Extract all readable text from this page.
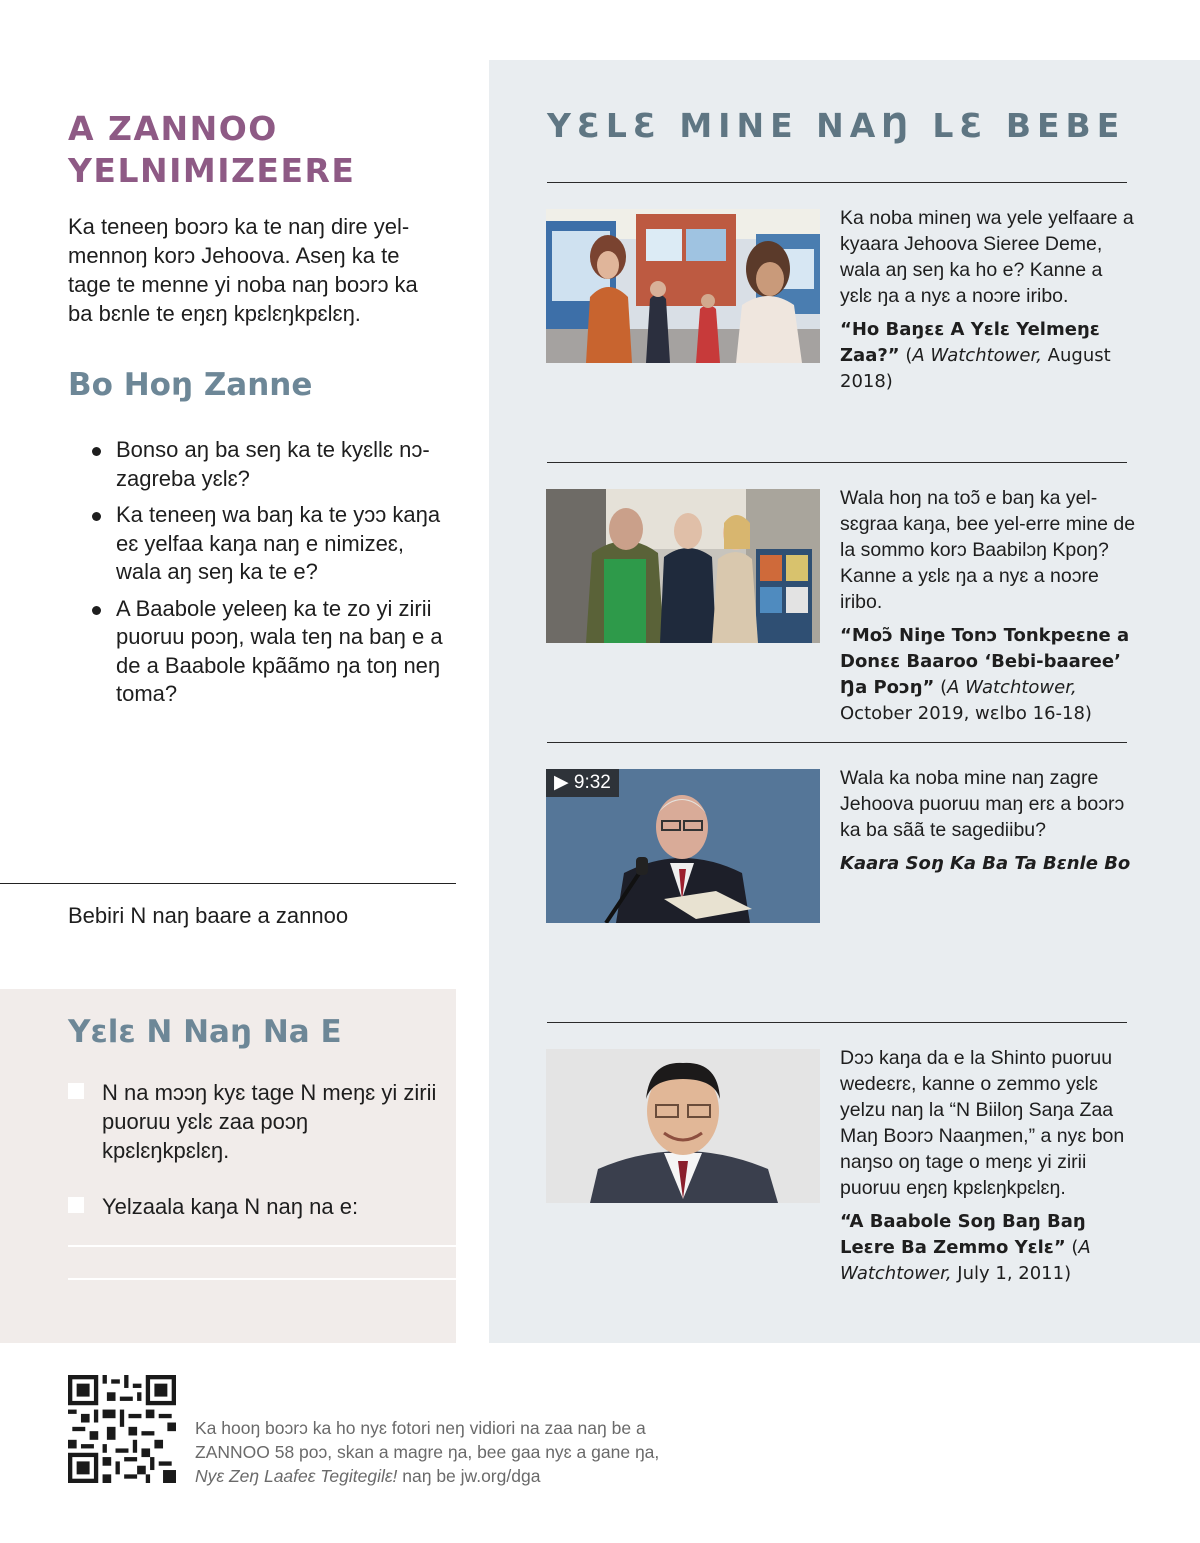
A ZANNOO YELNIMIZEERE

Ka teneeŋ boɔrɔ ka te naŋ dire yel-mennoŋ korɔ Jehoova. Aseŋ ka te tage te menne yi noba naŋ boɔrɔ ka ba bɛnle te eŋɛŋ kpɛlɛŋkpɛlɛŋ.

Bo Hoŋ Zanne
Bonso aŋ ba seŋ ka te kyɛllɛ nɔ-zagreba yɛlɛ?
Ka teneeŋ wa baŋ ka te yɔɔ kaŋa eɛ yelfaa kaŋa naŋ e nimizeɛ, wala aŋ seŋ ka te e?
A Baabole yeleeŋ ka te zo yi zirii puoruu poɔŋ, wala teŋ na baŋ e a de a Baabole kpããmo ŋa toŋ neŋ toma?
Bebiri N naŋ baare a zannoo
Yɛlɛ N Naŋ Na E
N na mɔɔŋ kyɛ tage N meŋɛ yi zirii puoruu yɛlɛ zaa poɔŋ kpɛlɛŋkpɛlɛŋ.
Yelzaala kaŋa N naŋ na e:
YƐLƐ MINE NAŊ LƐ BEBE

Ka noba mineŋ wa yele yelfaare a kyaara Jehoova Sieree Deme, wala aŋ seŋ ka ho e? Kanne a yɛlɛ ŋa a nyɛ a noɔre iribo.

“Ho Baŋɛɛ A Yɛlɛ Yelmeŋɛ Zaa?” (A Watchtower, August 2018)

Wala hoŋ na toɔ̃ e baŋ ka yel-sɛgraa kaŋa, bee yel-erre mine de la sommo korɔ Baabilɔŋ Kpoŋ? Kanne a yɛlɛ ŋa a nyɛ a noɔre iribo.

“Moɔ̃ Niŋe Tonɔ Tonkpeɛne a Donɛɛ Baaroo ‘Bebi-baaree’ Ŋa Poɔŋ” (A Watchtower, October 2019, wɛlbo 16-18)

▶ 9:32	Wala ka noba mine naŋ zagre Jehoova puoruu maŋ erɛ a boɔrɔ ka ba sãã te sagediibu?

Kaara Soŋ Ka Ba Ta Bɛnle Bo

Dɔɔ kaŋa da e la Shinto puoruu wedeɛrɛ, kanne o zemmo yɛlɛ yelzu naŋ la “N Biiloŋ Saŋa Zaa Maŋ Boɔrɔ Naaŋmen,” a nyɛ bon naŋso oŋ tage o meŋɛ yi zirii puoruu eŋɛŋ kpɛlɛŋkpɛlɛŋ.

“A Baabole Soŋ Baŋ Baŋ Leɛre Ba Zemmo Yɛlɛ” (A Watchtower, July 1, 2011)

Ka hooŋ boɔrɔ ka ho nyɛ fotori neŋ vidiori na zaa naŋ be a ZANNOO 58 poɔ, skan a magre ŋa, bee gaa nyɛ a gane ŋa, Nyɛ Zeŋ Laafeɛ Tegitegilɛ! naŋ be jw.org/dga
